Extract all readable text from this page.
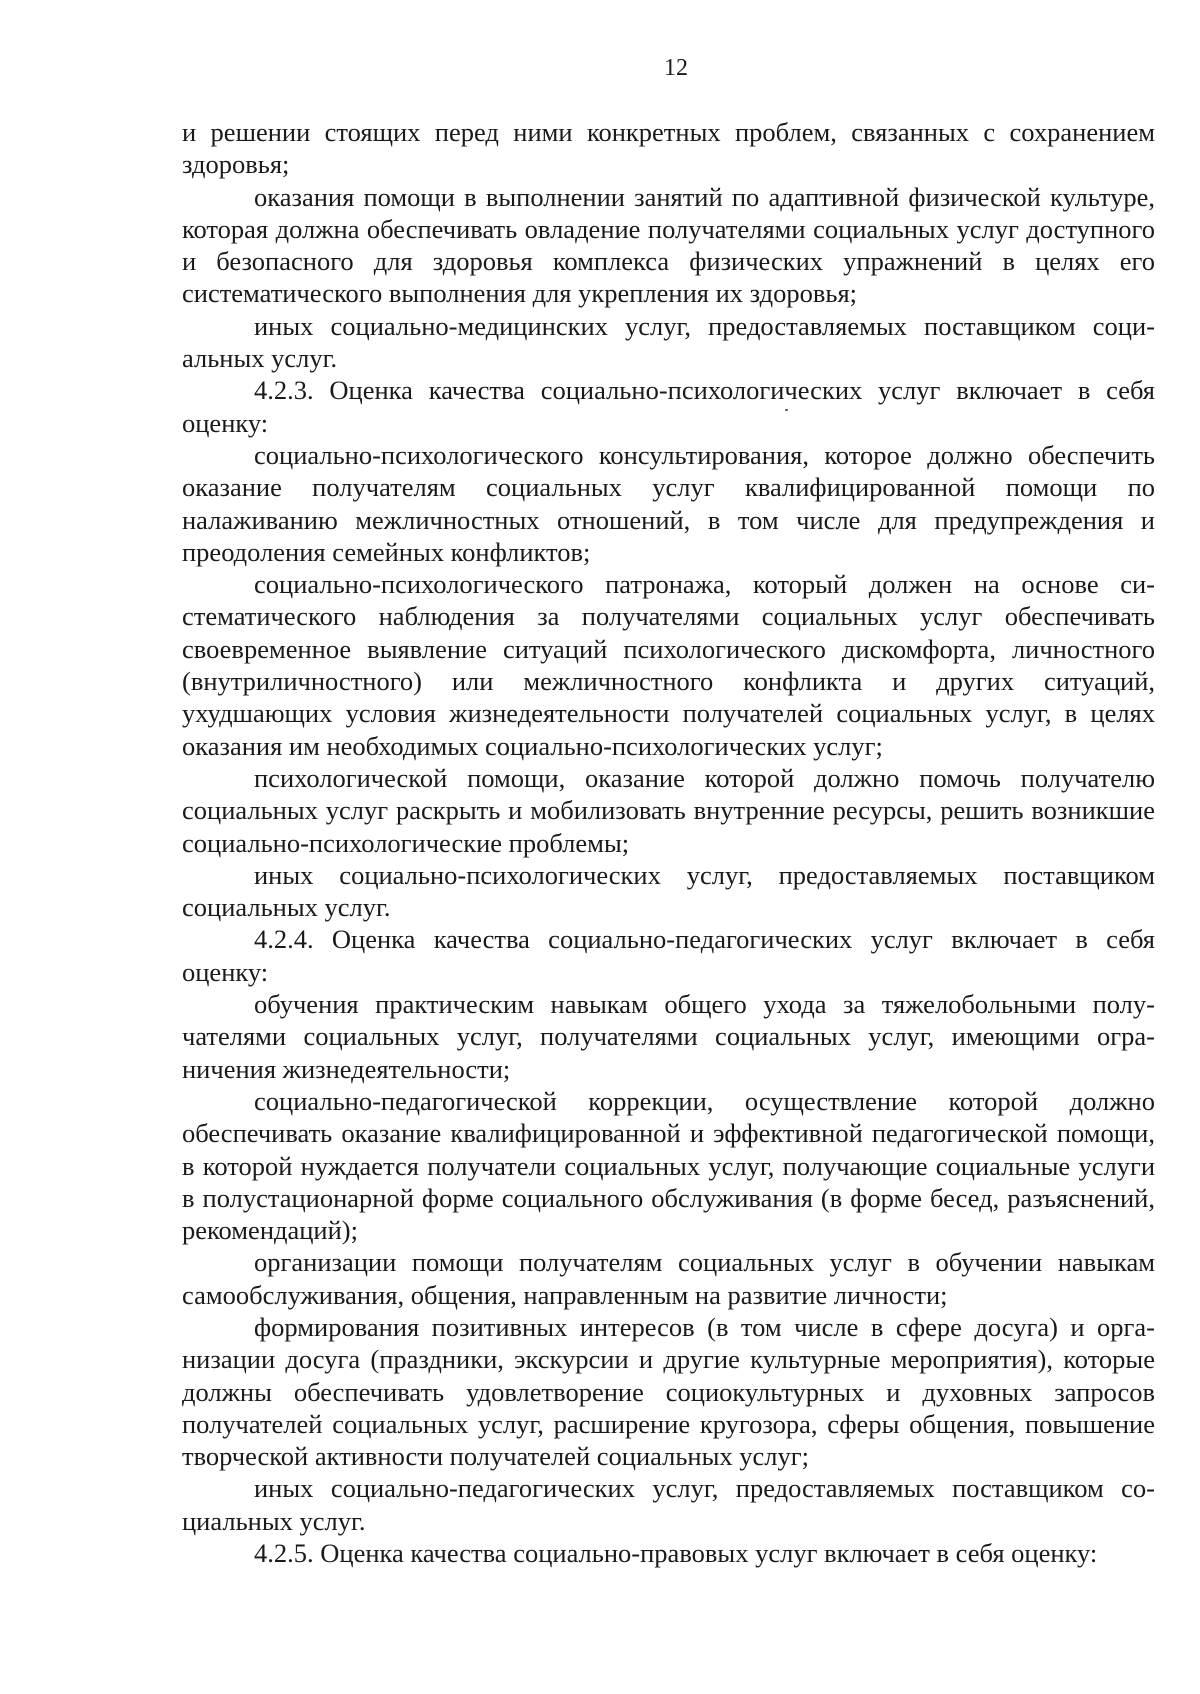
12

и решении стоящих перед ними конкретных проблем, связанных с сохранением здоровья;

оказания помощи в выполнении занятий по адаптивной физической культуре, которая должна обеспечивать овладение получателями социальных услуг доступного и безопасного для здоровья комплекса физических упражнений в целях его систематического выполнения для укрепления их здоровья;

иных социально-медицинских услуг, предоставляемых поставщиком социальных услуг.

4.2.3. Оценка качества социально-психологических услуг включает в себя оценку:

социально-психологического консультирования, которое должно обеспечить оказание получателям социальных услуг квалифицированной помощи по налаживанию межличностных отношений, в том числе для предупреждения и преодоления семейных конфликтов;

социально-психологического патронажа, который должен на основе систематического наблюдения за получателями социальных услуг обеспечивать своевременное выявление ситуаций психологического дискомфорта, личностного (внутриличностного) или межличностного конфликта и других ситуаций, ухудшающих условия жизнедеятельности получателей социальных услуг, в целях оказания им необходимых социально-психологических услуг;

психологической помощи, оказание которой должно помочь получателю социальных услуг раскрыть и мобилизовать внутренние ресурсы, решить возникшие социально-психологические проблемы;

иных социально-психологических услуг, предоставляемых поставщиком социальных услуг.

4.2.4. Оценка качества социально-педагогических услуг включает в себя оценку:

обучения практическим навыкам общего ухода за тяжелобольными получателями социальных услуг, получателями социальных услуг, имеющими ограничения жизнедеятельности;

социально-педагогической коррекции, осуществление которой должно обеспечивать оказание квалифицированной и эффективной педагогической помощи, в которой нуждается получатели социальных услуг, получающие социальные услуги в полустационарной форме социального обслуживания (в форме бесед, разъяснений, рекомендаций);

организации помощи получателям социальных услуг в обучении навыкам самообслуживания, общения, направленным на развитие личности;

формирования позитивных интересов (в том числе в сфере досуга) и организации досуга (праздники, экскурсии и другие культурные мероприятия), которые должны обеспечивать удовлетворение социокультурных и духовных запросов получателей социальных услуг, расширение кругозора, сферы общения, повышение творческой активности получателей социальных услуг;

иных социально-педагогических услуг, предоставляемых поставщиком социальных услуг.

4.2.5. Оценка качества социально-правовых услуг включает в себя оценку:
